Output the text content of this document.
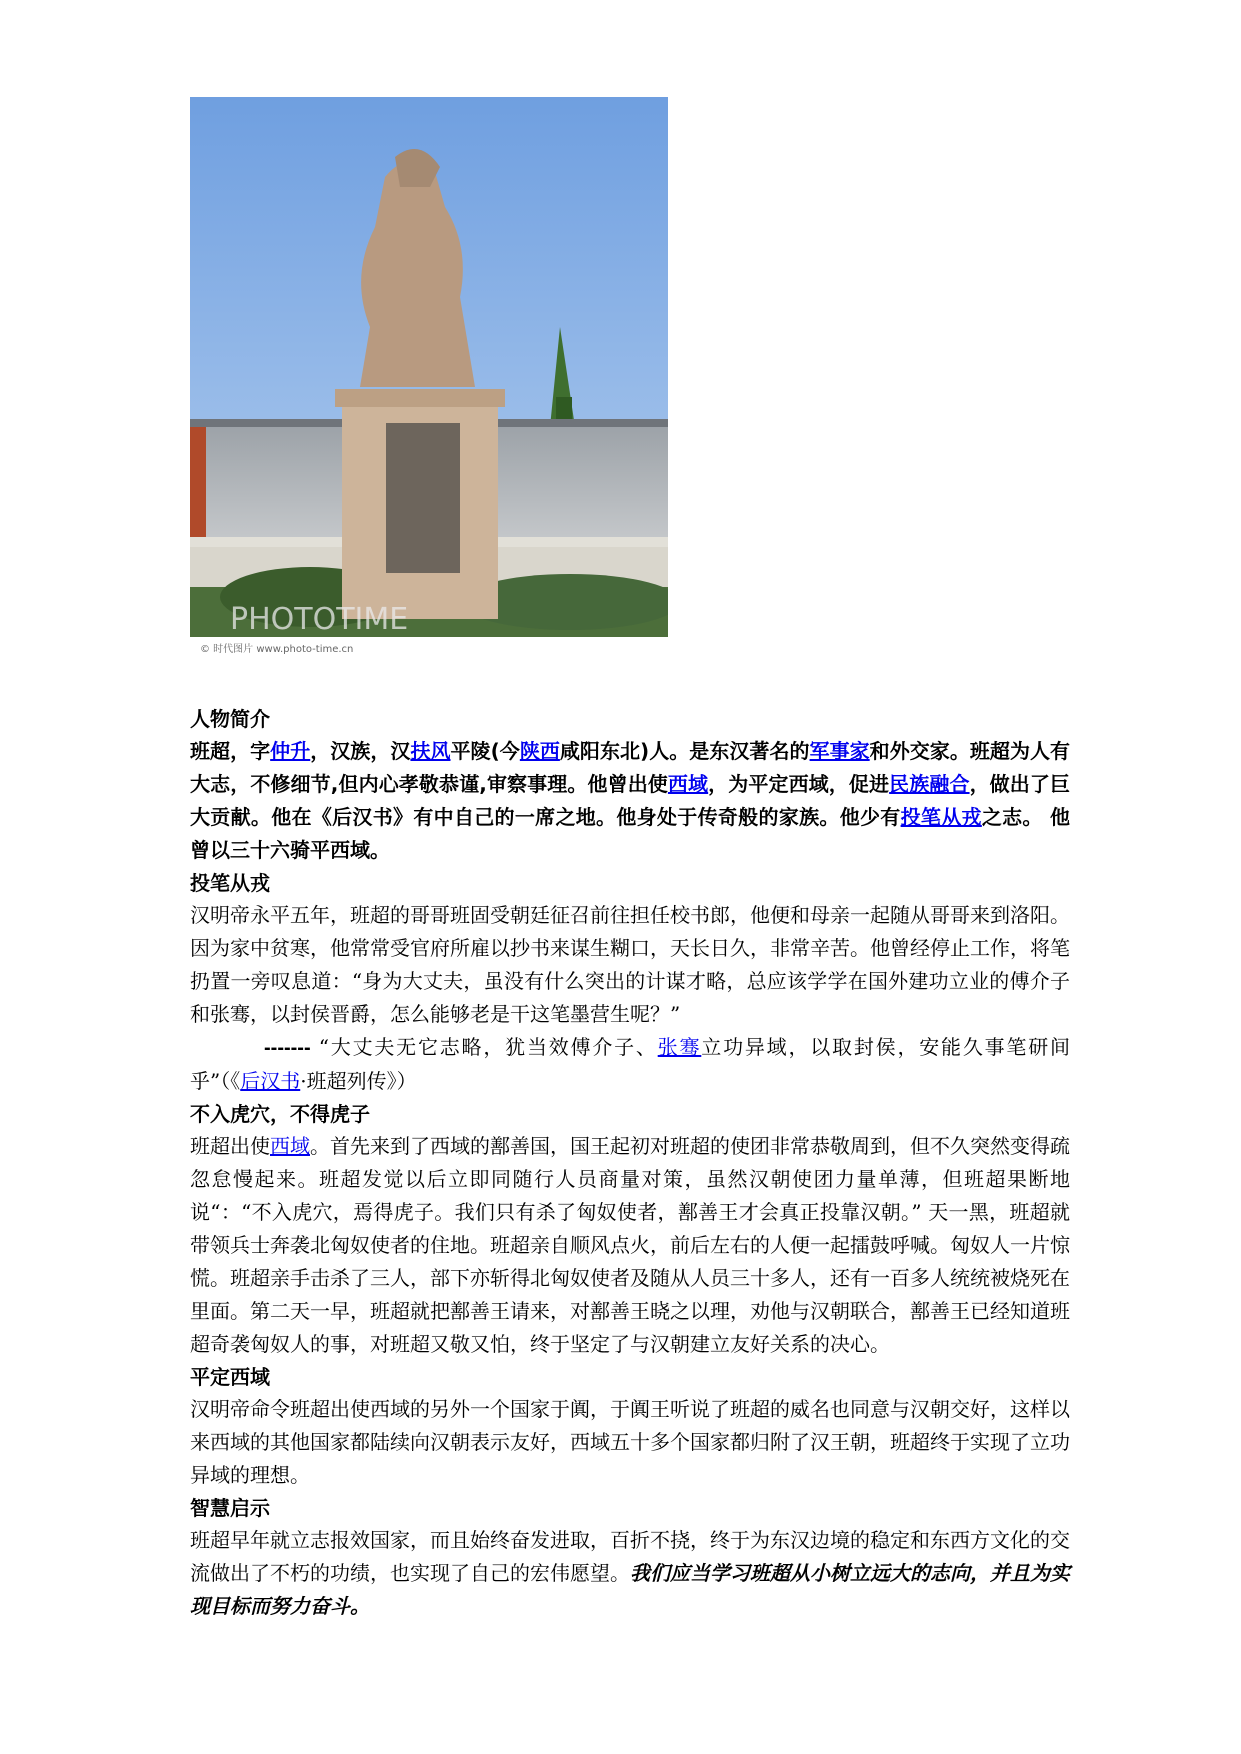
PHOTOTIME
© 时代图片 www.photo-time.cn

人物简介

班超，字仲升，汉族，汉扶风平陵(今陕西咸阳东北)人。是东汉著名的军事家和外交家。班超为人有大志，不修细节,但内心孝敬恭谨,审察事理。他曾出使西域，为平定西域，促进民族融合，做出了巨大贡献。他在《后汉书》有中自己的一席之地。他身处于传奇般的家族。他少有投笔从戎之志。 他曾以三十六骑平西域。

投笔从戎

汉明帝永平五年，班超的哥哥班固受朝廷征召前往担任校书郎，他便和母亲一起随从哥哥来到洛阳。因为家中贫寒，他常常受官府所雇以抄书来谋生糊口，天长日久，非常辛苦。他曾经停止工作，将笔扔置一旁叹息道：“身为大丈夫，虽没有什么突出的计谋才略，总应该学学在国外建功立业的傅介子和张骞，以封侯晋爵，怎么能够老是干这笔墨营生呢？”

------- “大丈夫无它志略，犹当效傅介子、张骞立功异域，以取封侯，安能久事笔研间乎”（《后汉书·班超列传》）

不入虎穴，不得虎子

班超出使西域。首先来到了西域的鄯善国，国王起初对班超的使团非常恭敬周到，但不久突然变得疏忽怠慢起来。班超发觉以后立即同随行人员商量对策，虽然汉朝使团力量单薄，但班超果断地说“：“不入虎穴，焉得虎子。我们只有杀了匈奴使者，鄯善王才会真正投靠汉朝。” 天一黑，班超就带领兵士奔袭北匈奴使者的住地。班超亲自顺风点火，前后左右的人便一起擂鼓呼喊。匈奴人一片惊慌。班超亲手击杀了三人，部下亦斩得北匈奴使者及随从人员三十多人，还有一百多人统统被烧死在里面。第二天一早，班超就把鄯善王请来，对鄯善王晓之以理，劝他与汉朝联合，鄯善王已经知道班超奇袭匈奴人的事，对班超又敬又怕，终于坚定了与汉朝建立友好关系的决心。

平定西域

汉明帝命令班超出使西域的另外一个国家于阗，于阗王听说了班超的威名也同意与汉朝交好，这样以来西域的其他国家都陆续向汉朝表示友好，西域五十多个国家都归附了汉王朝，班超终于实现了立功异域的理想。

智慧启示

班超早年就立志报效国家，而且始终奋发进取，百折不挠，终于为东汉边境的稳定和东西方文化的交流做出了不朽的功绩，也实现了自己的宏伟愿望。我们应当学习班超从小树立远大的志向，并且为实现目标而努力奋斗。
